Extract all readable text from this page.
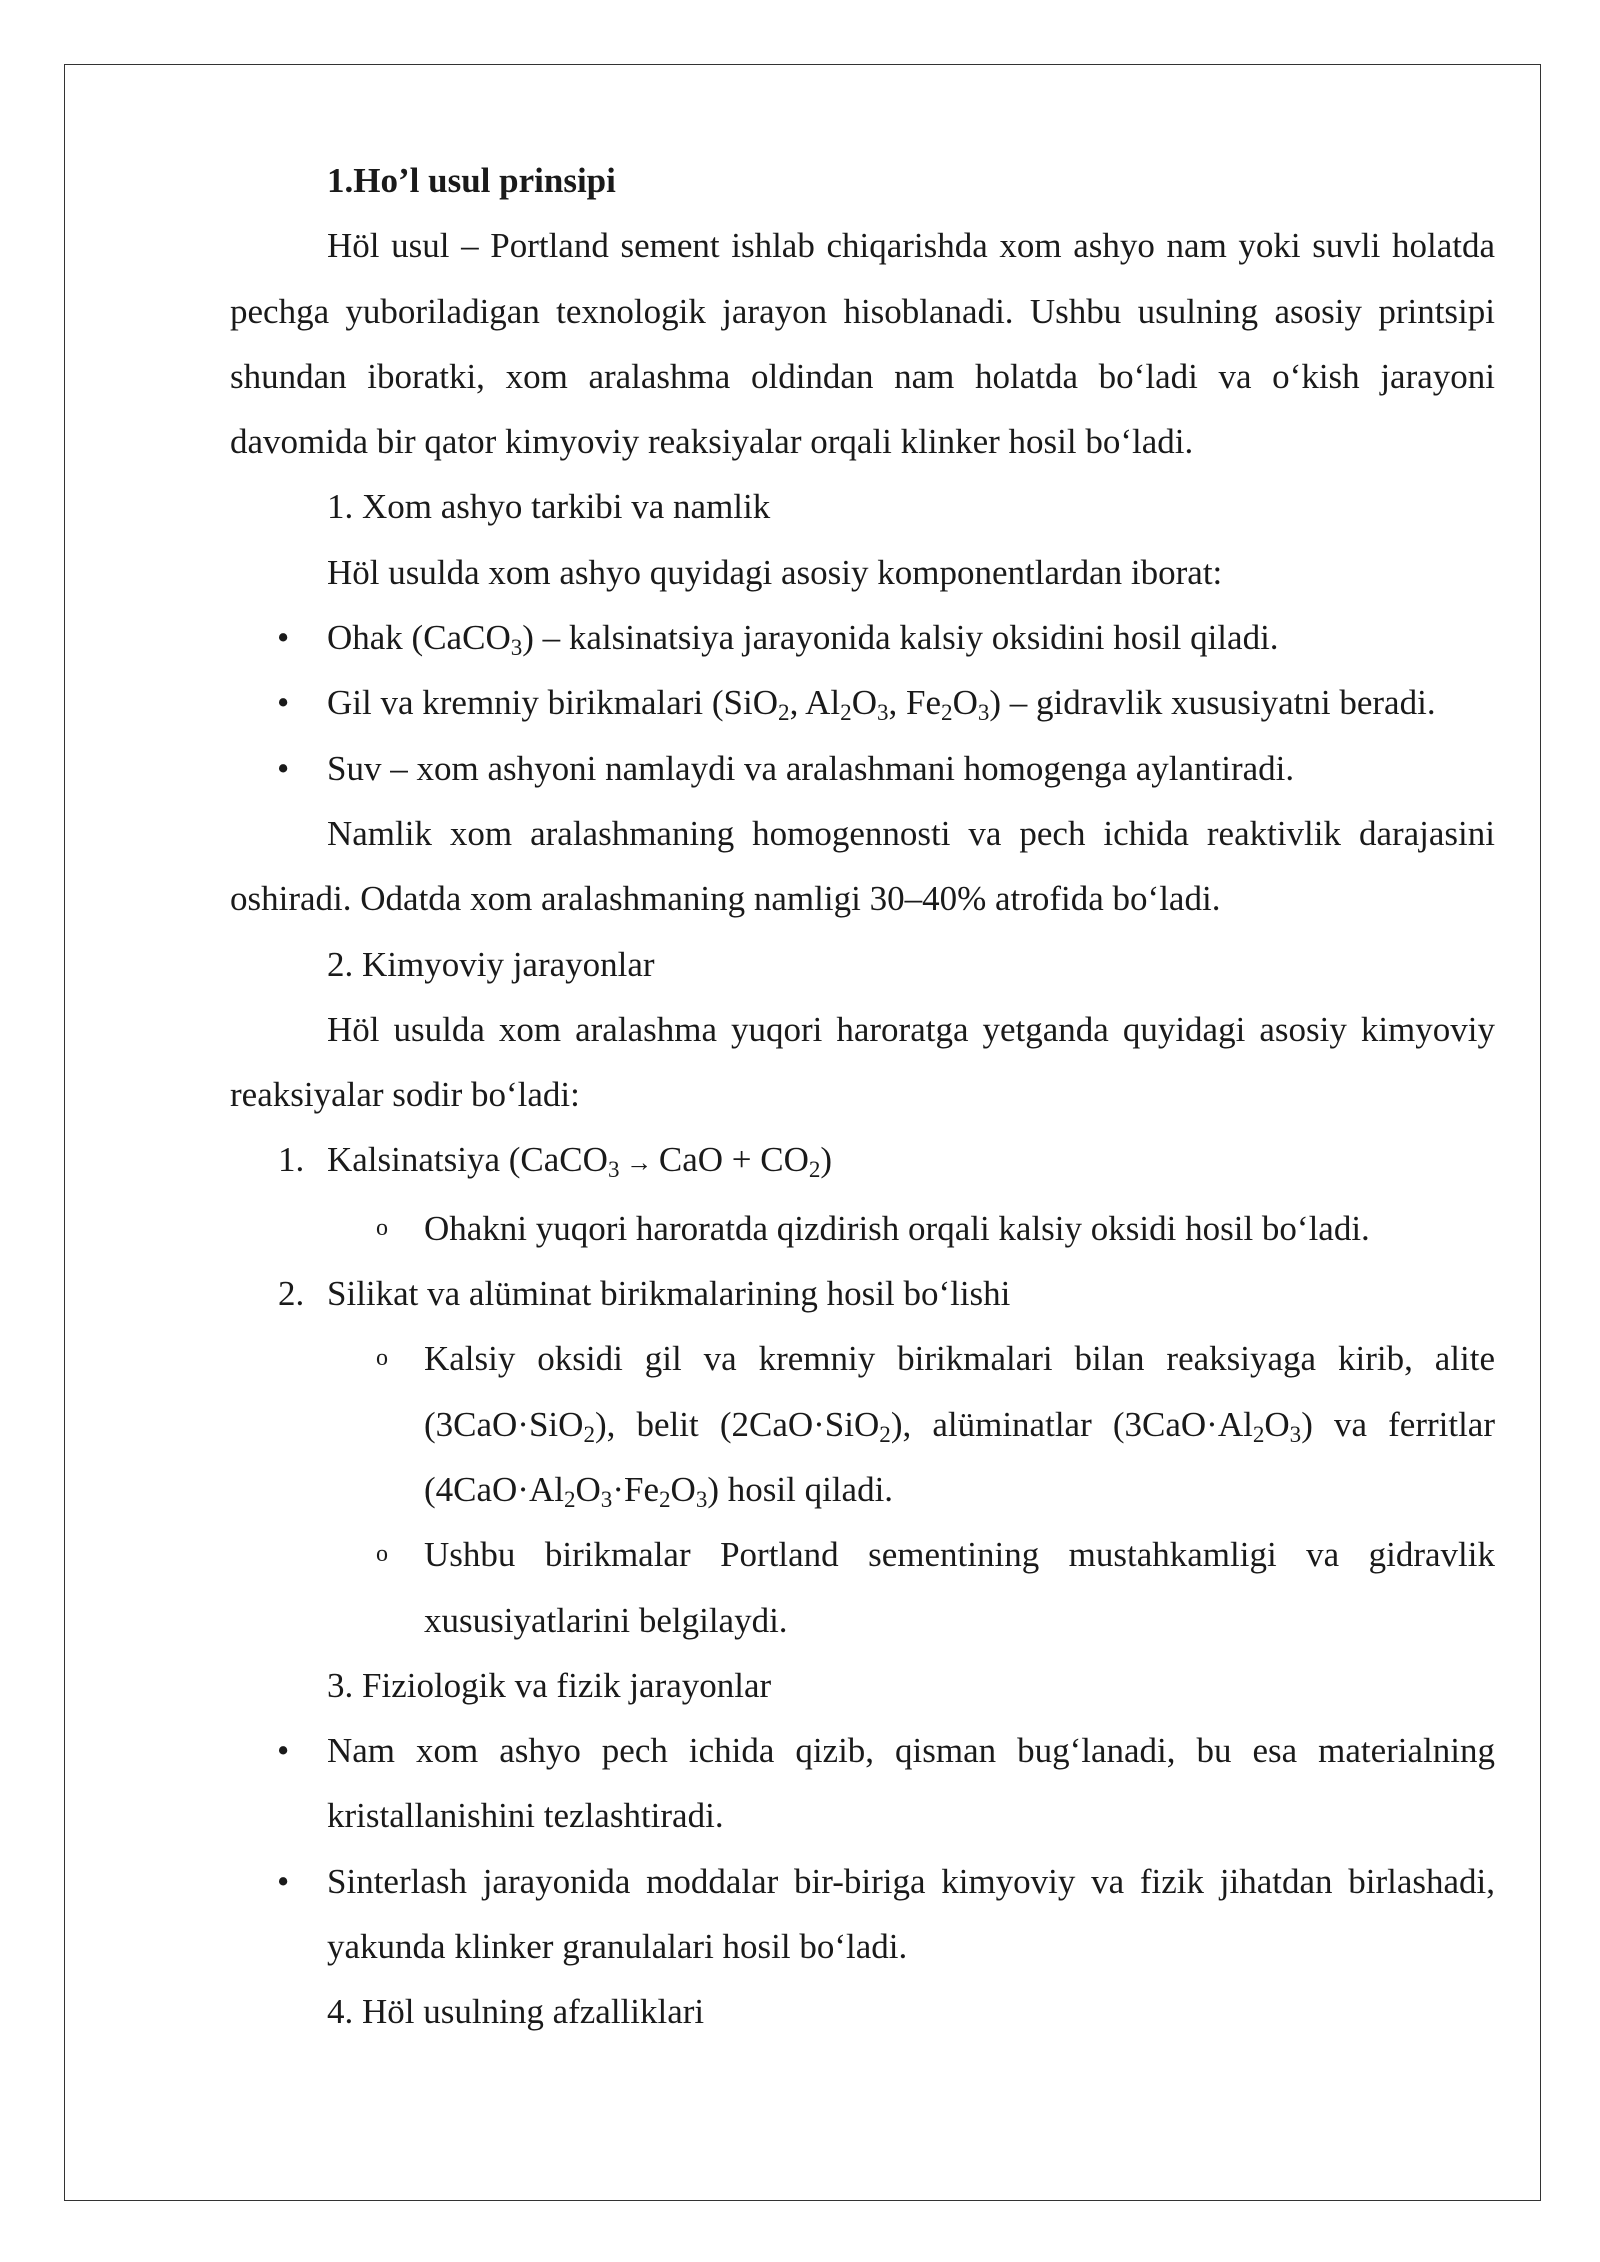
1.Ho’l usul prinsipi

Höl usul – Portland sement ishlab chiqarishda xom ashyo nam yoki suvli holatda pechga yuboriladigan texnologik jarayon hisoblanadi. Ushbu usulning asosiy printsipi shundan iboratki, xom aralashma oldindan nam holatda bo‘ladi va o‘kish jarayoni davomida bir qator kimyoviy reaksiyalar orqali klinker hosil bo‘ladi.

1. Xom ashyo tarkibi va namlik

Höl usulda xom ashyo quyidagi asosiy komponentlardan iborat:

• Ohak (CaCO$_3$) – kalsinatsiya jarayonida kalsiy oksidini hosil qiladi.
• Gil va kremniy birikmalari (SiO$_2$, $Al_2O_3$, $Fe_2O_3$) – gidravlik xususiyatni beradi.
• Suv – xom ashyoni namlaydi va aralashmani homogenga aylantiradi.

Namlik xom aralashmaning homogennosti va pech ichida reaktivlik darajasini oshiradi. Odatda xom aralashmaning namligi 30–40% atrofida bo‘ladi.

2. Kimyoviy jarayonlar

Höl usulda xom aralashma yuqori haroratga yetganda quyidagi asosiy kimyoviy reaksiyalar sodir bo‘ladi:

1. Kalsinatsiya (CaCO$_3$ → CaO + $CO_2$)
o Ohakni yuqori haroratda qizdirish orqali kalsiy oksidi hosil bo‘ladi.
2. Silikat va alüminat birikmalarining hosil bo‘lishi
o Kalsiy oksidi gil va kremniy birikmalari bilan reaksiyaga kirib, alite (3CaO·SiO$_2$), belit (2CaO·SiO$_2$), alüminatlar $(3CaO\cdot Al_2O_3)$ va ferritlar $(4CaO\cdot Al_2O_3\cdot Fe_2O_3)$ hosil qiladi.
o Ushbu birikmalar Portland sementining mustahkamligi va gidravlik xususiyatlarini belgilaydi.

3. Fiziologik va fizik jarayonlar

• Nam xom ashyo pech ichida qizib, qisman bug‘lanadi, bu esa materialning kristallanishini tezlashtiradi.
• Sinterlash jarayonida moddalar bir-biriga kimyoviy va fizik jihatdan birlashadi, yakunda klinker granulalari hosil bo‘ladi.

4. Höl usulning afzalliklari
